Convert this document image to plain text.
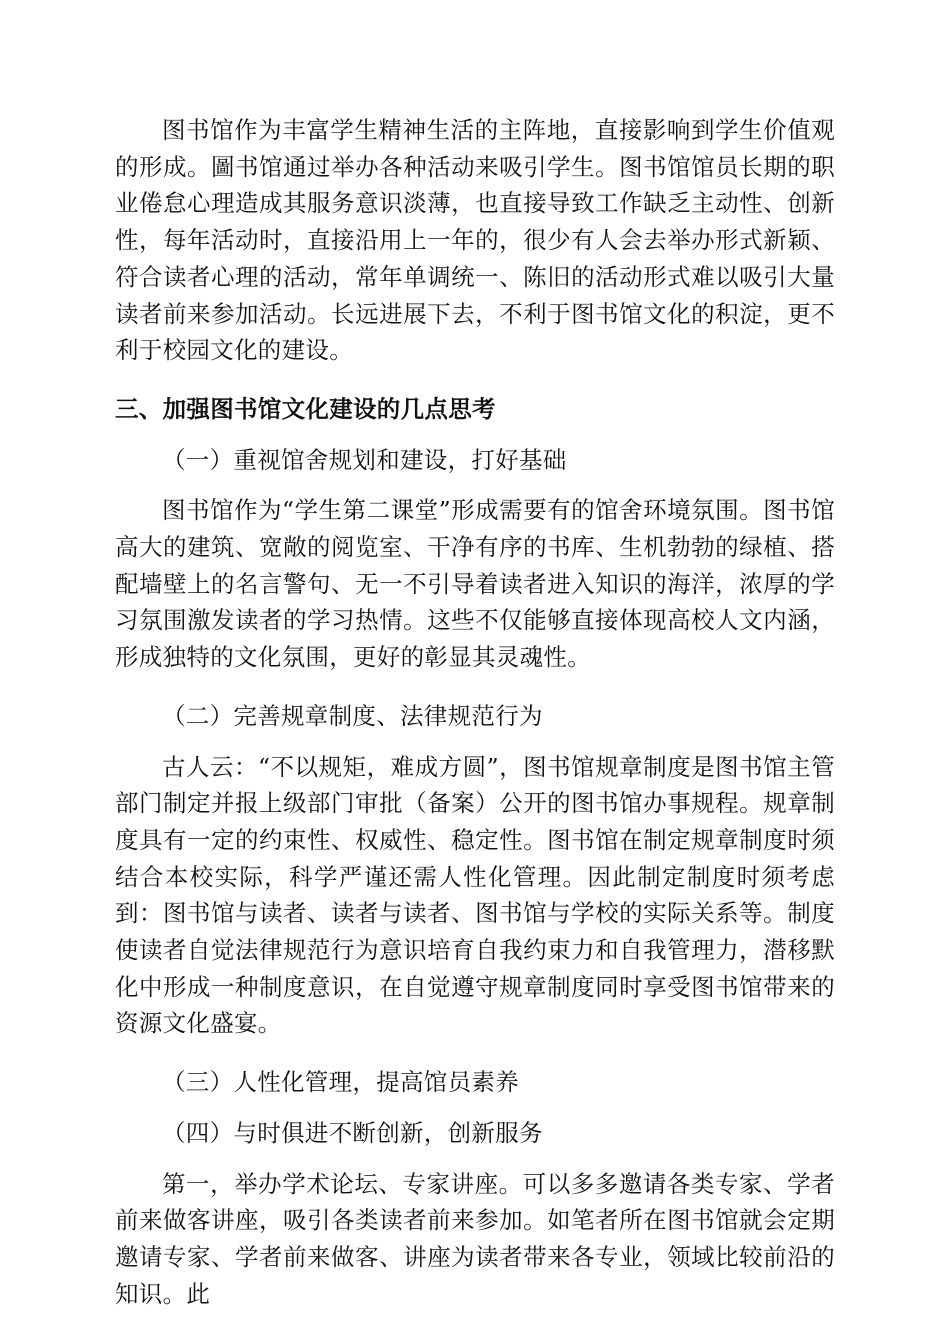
图书馆作为丰富学生精神生活的主阵地，直接影响到学生价值观的形成。圖书馆通过举办各种活动来吸引学生。图书馆馆员长期的职业倦怠心理造成其服务意识淡薄，也直接导致工作缺乏主动性、创新性，每年活动时，直接沿用上一年的，很少有人会去举办形式新颖、符合读者心理的活动，常年单调统一、陈旧的活动形式难以吸引大量读者前来参加活动。长远进展下去，不利于图书馆文化的积淀，更不利于校园文化的建设。

三、加强图书馆文化建设的几点思考

（一）重视馆舍规划和建设，打好基础

图书馆作为“学生第二课堂”形成需要有的馆舍环境氛围。图书馆高大的建筑、宽敞的阅览室、干净有序的书库、生机勃勃的绿植、搭配墙壁上的名言警句、无一不引导着读者进入知识的海洋，浓厚的学习氛围激发读者的学习热情。这些不仅能够直接体现高校人文内涵，形成独特的文化氛围，更好的彰显其灵魂性。

（二）完善规章制度、法律规范行为

古人云：“不以规矩，难成方圆”，图书馆规章制度是图书馆主管部门制定并报上级部门审批（备案）公开的图书馆办事规程。规章制度具有一定的约束性、权威性、稳定性。图书馆在制定规章制度时须结合本校实际，科学严谨还需人性化管理。因此制定制度时须考虑到：图书馆与读者、读者与读者、图书馆与学校的实际关系等。制度使读者自觉法律规范行为意识培育自我约束力和自我管理力，潜移默化中形成一种制度意识，在自觉遵守规章制度同时享受图书馆带来的资源文化盛宴。

（三）人性化管理，提高馆员素养

（四）与时俱进不断创新，创新服务

第一，举办学术论坛、专家讲座。可以多多邀请各类专家、学者前来做客讲座，吸引各类读者前来参加。如笔者所在图书馆就会定期邀请专家、学者前来做客、讲座为读者带来各专业，领域比较前沿的知识。此
